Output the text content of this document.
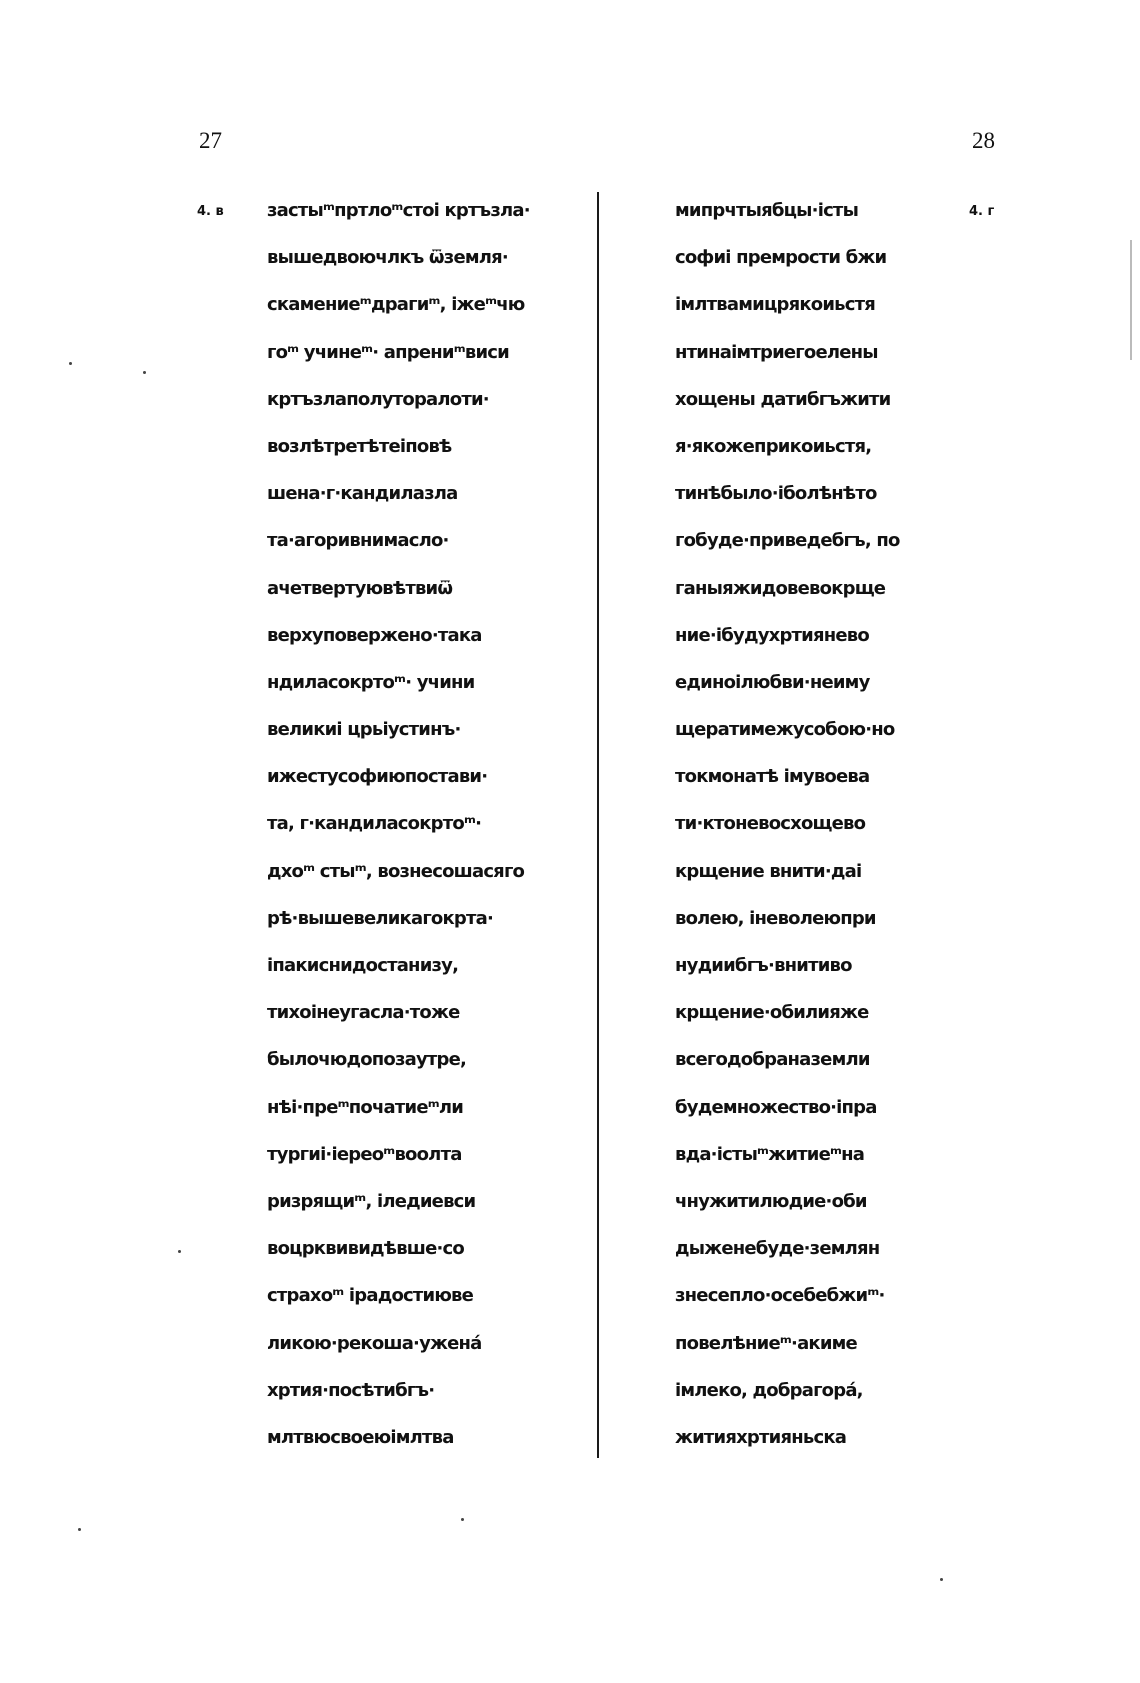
27	28
4. в	4. г
застыᵐпртлоᵐстоі кртъзла·
вышедвоючлкъ ѿземля·
скамениеᵐдрагиᵐ, іжеᵐчю
гоᵐ учинеᵐ· апрениᵐвиси
кртъзлаполуторалоти·
возлѣтретѣтеіповѣ
шена·г·кандилазла
та·агоривнимасло·
ачетвертуювѣтвиѿ
верхуповержено·така
ндиласокртоᵐ· учини
великиі црьіустинъ·
ижестусофиюпостави·
та, г·кандиласокртоᵐ·
дхоᵐ стыᵐ, вознесошасяго
рѣ·вышевеликагокрта·
іпакиснидостанизу,
тихоінеугасла·тоже
былочюдопозаутре,
нѣі·преᵐпочатиеᵐли
тургиі·іереоᵐвоолта
ризрящиᵐ, іледиевси
воцрквивидѣвше·со
страхоᵐ ірадостиюве
ликою·рекоша·уженá
хртия·посѣтибгъ·
млтвюсвоеюімлтва
мипрчтыябцы·істы
софиі премрости бжи
імлтвамицрякоиьстя
нтинаімтриегоелены
хощены датибгъжити
я·якожеприкоиьстя,
тинѣбыло·іболѣнѣто
гобуде·приведебгъ, по
ганыяжидовевокрще
ние·ібудухртиянево
единоілюбви·неиму
щератимежусобою·но
токмонатѣ імувоева
ти·ктоневосхощево
крщение внити·даі
волею, іневолеюпри
нудиибгъ·внитиво
крщение·обилияже
всегодобраназемли
будемножество·іпра
вда·істыᵐжитиеᵐна
чнужитилюдие·оби
дыженебуде·землян
знесепло·осебебжиᵐ·
повелѣниеᵐ·акиме
імлеко, добрагорá,
житияхртияньска
